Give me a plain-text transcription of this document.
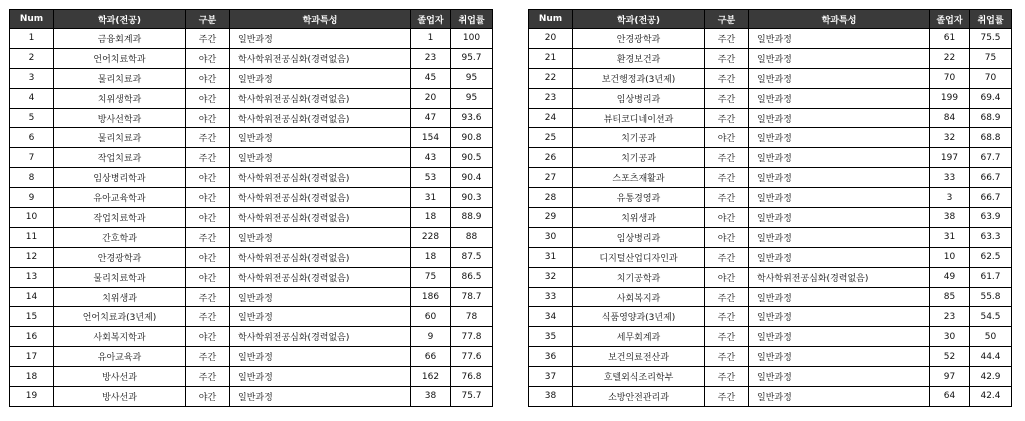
Num	학과(전공)	구분	학과특성	졸업자	취업률
1	금융회계과	주간	일반과정	1	100
2	언어치료학과	야간	학사학위전공심화(경력없음)	23	95.7
3	물리치료과	야간	일반과정	45	95
4	치위생학과	야간	학사학위전공심화(경력없음)	20	95
5	방사선학과	야간	학사학위전공심화(경력없음)	47	93.6
6	물리치료과	주간	일반과정	154	90.8
7	작업치료과	주간	일반과정	43	90.5
8	임상병리학과	야간	학사학위전공심화(경력없음)	53	90.4
9	유아교육학과	야간	학사학위전공심화(경력없음)	31	90.3
10	작업치료학과	야간	학사학위전공심화(경력없음)	18	88.9
11	간호학과	주간	일반과정	228	88
12	안경광학과	야간	학사학위전공심화(경력없음)	18	87.5
13	물리치료학과	야간	학사학위전공심화(경력없음)	75	86.5
14	치위생과	주간	일반과정	186	78.7
15	언어치료과(3년제)	주간	일반과정	60	78
16	사회복지학과	야간	학사학위전공심화(경력없음)	9	77.8
17	유아교육과	주간	일반과정	66	77.6
18	방사선과	주간	일반과정	162	76.8
19	방사선과	야간	일반과정	38	75.7
Num	학과(전공)	구분	학과특성	졸업자	취업률
20	안경광학과	주간	일반과정	61	75.5
21	환경보건과	주간	일반과정	22	75
22	보건행정과(3년제)	주간	일반과정	70	70
23	임상병리과	주간	일반과정	199	69.4
24	뷰티코디네이션과	주간	일반과정	84	68.9
25	치기공과	야간	일반과정	32	68.8
26	치기공과	주간	일반과정	197	67.7
27	스포츠재활과	주간	일반과정	33	66.7
28	유통경영과	주간	일반과정	3	66.7
29	치위생과	야간	일반과정	38	63.9
30	임상병리과	야간	일반과정	31	63.3
31	디지털산업디자인과	주간	일반과정	10	62.5
32	치기공학과	야간	학사학위전공심화(경력없음)	49	61.7
33	사회복지과	주간	일반과정	85	55.8
34	식품영양과(3년제)	주간	일반과정	23	54.5
35	세무회계과	주간	일반과정	30	50
36	보건의료전산과	주간	일반과정	52	44.4
37	호텔외식조리학부	주간	일반과정	97	42.9
38	소방안전관리과	주간	일반과정	64	42.4
